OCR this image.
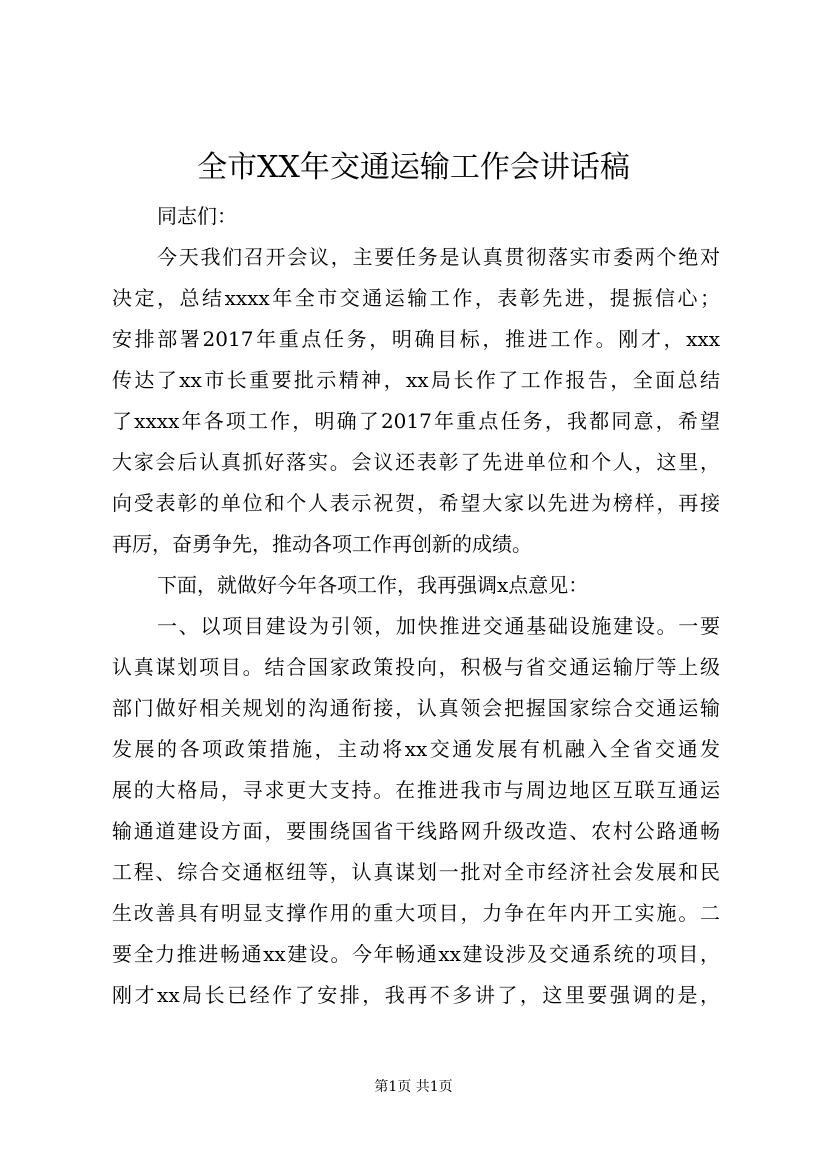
全市XX年交通运输工作会讲话稿
同志们：
今天我们召开会议，主要任务是认真贯彻落实市委两个绝对
决定，总结xxxx年全市交通运输工作，表彰先进，提振信心；
安排部署2017年重点任务，明确目标，推进工作。刚才，xxx
传达了xx市长重要批示精神，xx局长作了工作报告，全面总结
了xxxx年各项工作，明确了2017年重点任务，我都同意，希望
大家会后认真抓好落实。会议还表彰了先进单位和个人，这里，
向受表彰的单位和个人表示祝贺，希望大家以先进为榜样，再接
再厉，奋勇争先，推动各项工作再创新的成绩。
下面，就做好今年各项工作，我再强调x点意见：
一、以项目建设为引领，加快推进交通基础设施建设。一要
认真谋划项目。结合国家政策投向，积极与省交通运输厅等上级
部门做好相关规划的沟通衔接，认真领会把握国家综合交通运输
发展的各项政策措施，主动将xx交通发展有机融入全省交通发
展的大格局，寻求更大支持。在推进我市与周边地区互联互通运
输通道建设方面，要围绕国省干线路网升级改造、农村公路通畅
工程、综合交通枢纽等，认真谋划一批对全市经济社会发展和民
生改善具有明显支撑作用的重大项目，力争在年内开工实施。二
要全力推进畅通xx建设。今年畅通xx建设涉及交通系统的项目，
刚才xx局长已经作了安排，我再不多讲了，这里要强调的是，
第1页 共1页
